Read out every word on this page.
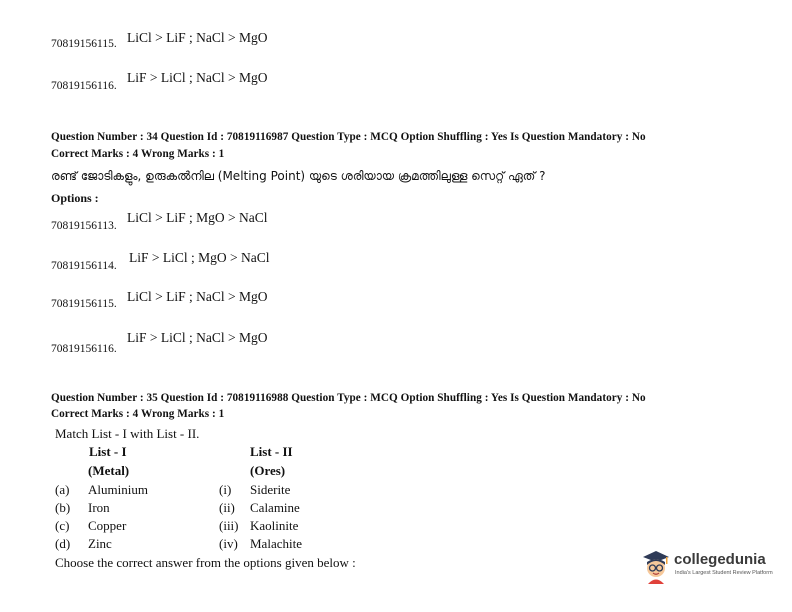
70819156115. LiCl > LiF ; NaCl > MgO
70819156116.
LiF > LiCl ; NaCl > MgO
Question Number : 34 Question Id : 70819116987 Question Type : MCQ Option Shuffling : Yes Is Question Mandatory : No
Correct Marks : 4 Wrong Marks : 1
രണ്ട് ജോടികളും, ഉരുകൽനില (Melting Point) യുടെ ശരിയായ ക്രമത്തിലുള്ള സെറ്റ് ഏത് ?
Options :
70819156113.
LiCl > LiF ; MgO > NaCl
70819156114.
LiF > LiCl ; MgO > NaCl
70819156115. LiCl > LiF ; NaCl > MgO
70819156116.
LiF > LiCl ; NaCl > MgO
Question Number : 35 Question Id : 70819116988 Question Type : MCQ Option Shuffling : Yes Is Question Mandatory : No
Correct Marks : 4 Wrong Marks : 1
Match List - I with List - II.
List - I
(Metal)
List - II
(Ores)
(a) Aluminium	(i) Siderite
(b) Iron	(ii) Calamine
(c) Copper	(iii) Kaolinite
(d) Zinc	(iv) Malachite
Choose the correct answer from the options given below :	collegedunia
India's Largest Student Review Platform
